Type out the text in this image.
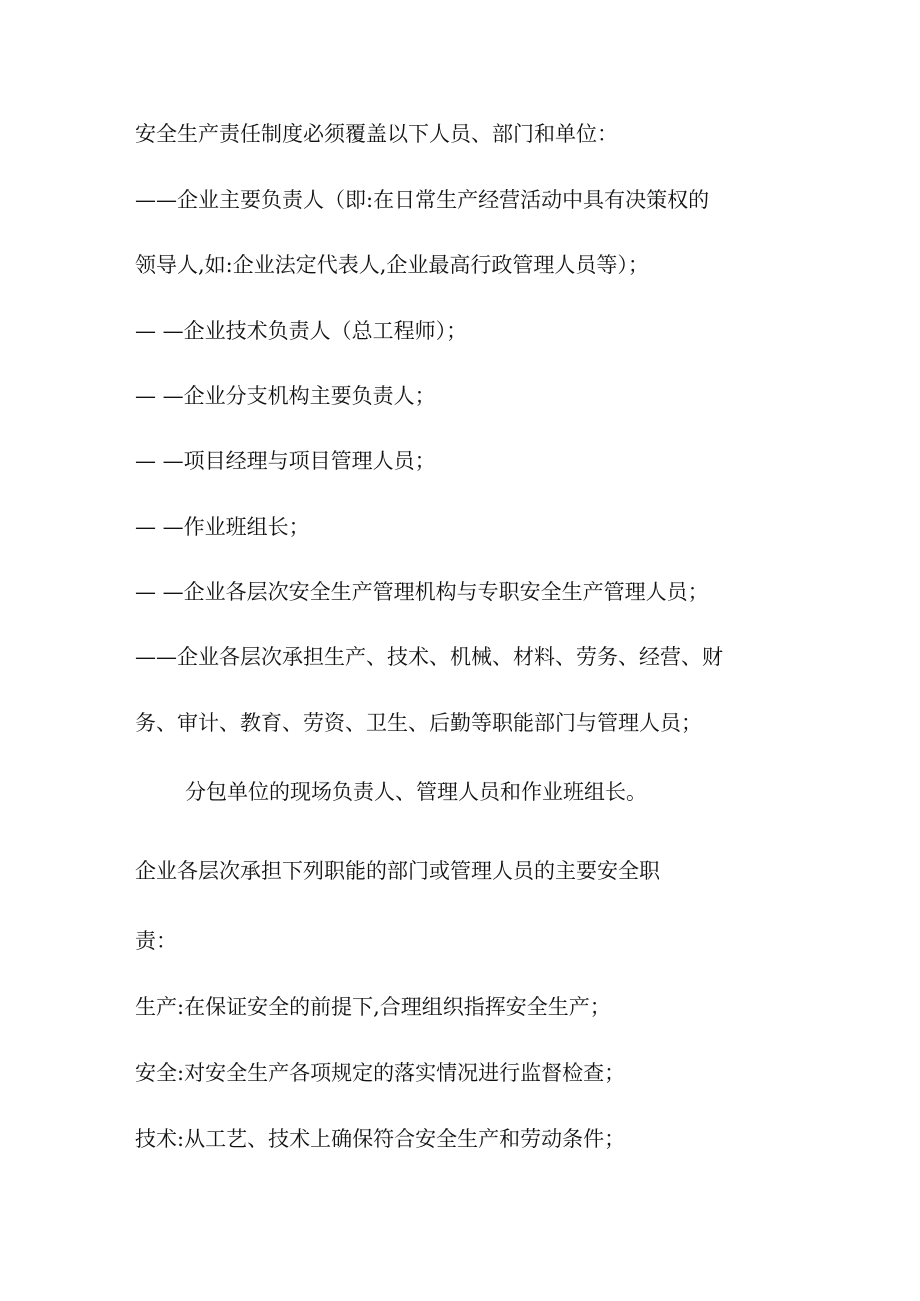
安全生产责任制度必须覆盖以下人员、部门和单位：

——企业主要负责人（即:在日常生产经营活动中具有决策权的

领导人,如:企业法定代表人,企业最高行政管理人员等）；

— —企业技术负责人（总工程师）；

— —企业分支机构主要负责人；

— —项目经理与项目管理人员；

— —作业班组长；

— —企业各层次安全生产管理机构与专职安全生产管理人员；

——企业各层次承担生产、技术、机械、材料、劳务、经营、财

务、审计、教育、劳资、卫生、后勤等职能部门与管理人员；

分包单位的现场负责人、管理人员和作业班组长。

企业各层次承担下列职能的部门或管理人员的主要安全职

责：

生产:在保证安全的前提下,合理组织指挥安全生产；

安全:对安全生产各项规定的落实情况进行监督检查；

技术:从工艺、技术上确保符合安全生产和劳动条件；
